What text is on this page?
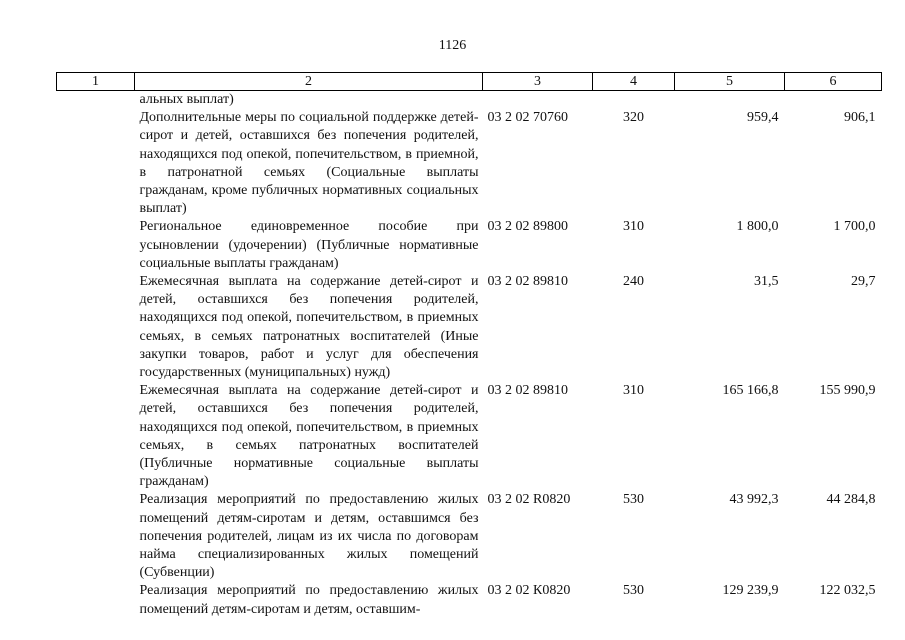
1126
1	2	3	4	5	6
	альных выплат)				
	Дополнительные меры по социальной поддержке детей-сирот и детей, оставшихся без попечения родителей, находящихся под опекой, попечительством, в приемной, в патронатной семьях (Социальные выплаты гражданам, кроме публичных нормативных социальных выплат)	03 2 02 70760	320	959,4	906,1
	Региональное единовременное пособие при усыновлении (удочерении) (Публичные нормативные социальные выплаты гражданам)	03 2 02 89800	310	1 800,0	1 700,0
	Ежемесячная выплата на содержание детей-сирот и детей, оставшихся без попечения родителей, находящихся под опекой, попечительством, в приемных семьях, в семьях патронатных воспитателей (Иные закупки товаров, работ и услуг для обеспечения государственных (муниципальных) нужд)	03 2 02 89810	240	31,5	29,7
	Ежемесячная выплата на содержание детей-сирот и детей, оставшихся без попечения родителей, находящихся под опекой, попечительством, в приемных семьях, в семьях патронатных воспитателей (Публичные нормативные социальные выплаты гражданам)	03 2 02 89810	310	165 166,8	155 990,9
	Реализация мероприятий по предоставлению жилых помещений детям-сиротам и детям, оставшимся без попечения родителей, лицам из их числа по договорам найма специализированных жилых помещений (Субвенции)	03 2 02 R0820	530	43 992,3	44 284,8
	Реализация мероприятий по предоставлению жилых помещений детям-сиротам и детям, оставшим-	03 2 02 К0820	530	129 239,9	122 032,5
